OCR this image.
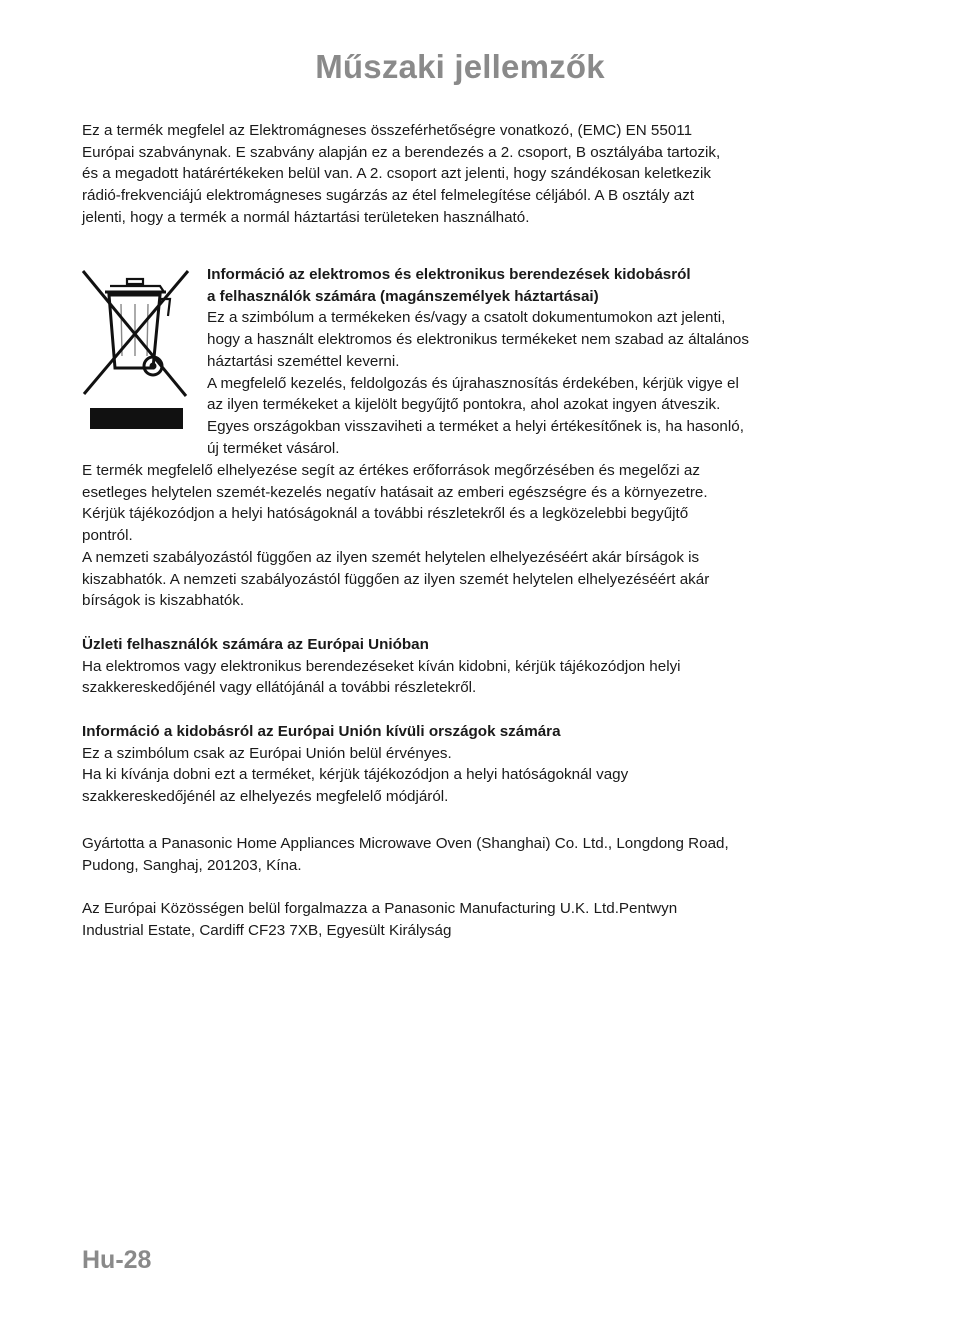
Műszaki jellemzők
Ez a termék megfelel az Elektromágneses összeférhetőségre vonatkozó, (EMC) EN 55011
Európai szabványnak. E szabvány alapján ez a berendezés a 2. csoport, B osztályába tartozik,
és a megadott határértékeken belül van. A 2. csoport azt jelenti, hogy szándékosan keletkezik
rádió-frekvenciájú elektromágneses sugárzás az étel felmelegítése céljából. A B osztály azt
jelenti, hogy a termék a normál háztartási területeken használható.
Információ az elektromos és elektronikus berendezések kidobásról
a felhasználók számára (magánszemélyek háztartásai)
Ez a szimbólum a termékeken és/vagy a csatolt dokumentumokon azt jelenti,
hogy a használt elektromos és elektronikus termékeket nem szabad az általános
háztartási szeméttel keverni.
A megfelelő kezelés, feldolgozás és újrahasznosítás érdekében, kérjük vigye el
az ilyen termékeket a kijelölt begyűjtő pontokra, ahol azokat ingyen átveszik.
Egyes országokban visszaviheti a terméket a helyi értékesítőnek is, ha hasonló,
új terméket vásárol.
E termék megfelelő elhelyezése segít az értékes erőforrások megőrzésében és megelőzi az
esetleges helytelen szemét-kezelés negatív hatásait az emberi egészségre és a környezetre.
Kérjük tájékozódjon a helyi hatóságoknál a további részletekről és a legközelebbi begyűjtő
pontról.
A nemzeti szabályozástól függően az ilyen szemét helytelen elhelyezéséért akár bírságok is
kiszabhatók. A nemzeti szabályozástól függően az ilyen szemét helytelen elhelyezéséért akár
bírságok is kiszabhatók.
Üzleti felhasználók számára az Európai Unióban
Ha elektromos vagy elektronikus berendezéseket kíván kidobni, kérjük tájékozódjon helyi
szakkereskedőjénél vagy ellátójánál a további részletekről.
Információ a kidobásról az Európai Unión kívüli országok számára
Ez a szimbólum csak az Európai Unión belül érvényes.
Ha ki kívánja dobni ezt a terméket, kérjük tájékozódjon a helyi hatóságoknál vagy
szakkereskedőjénél az elhelyezés megfelelő módjáról.
Gyártotta a Panasonic Home Appliances Microwave Oven (Shanghai) Co. Ltd., Longdong Road,
Pudong, Sanghaj, 201203, Kína.
Az Európai Közösségen belül forgalmazza a Panasonic Manufacturing U.K. Ltd.Pentwyn
Industrial Estate, Cardiff CF23 7XB, Egyesült Királyság
Hu-28
